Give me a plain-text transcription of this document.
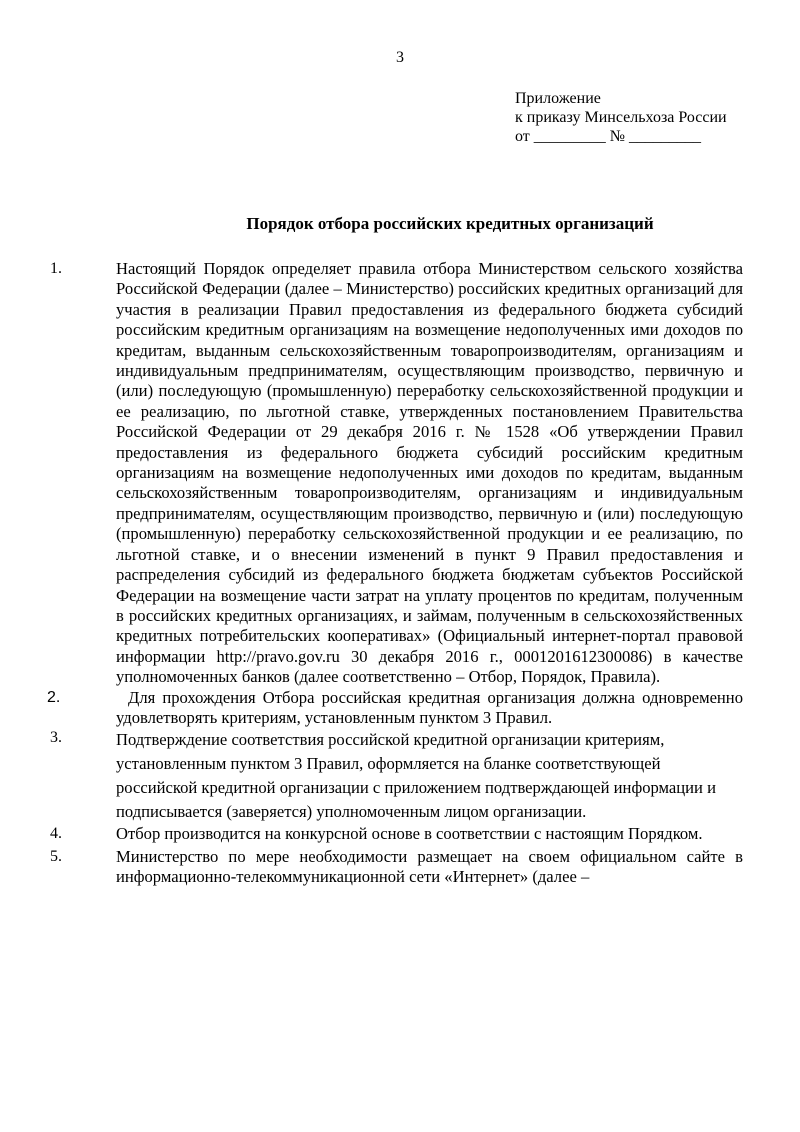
3
Приложение
к приказу Минсельхоза России
от _________ № _________
Порядок отбора российских кредитных организаций
1.	Настоящий Порядок определяет правила отбора Министерством сельского хозяйства Российской Федерации (далее – Министерство) российских кредитных организаций для участия в реализации Правил предоставления из федерального бюджета субсидий российским кредитным организациям на возмещение недополученных ими доходов по кредитам, выданным сельскохозяйственным товаропроизводителям, организациям и индивидуальным предпринимателям, осуществляющим производство, первичную и (или) последующую (промышленную) переработку сельскохозяйственной продукции и ее реализацию, по льготной ставке, утвержденных постановлением Правительства Российской Федерации от 29 декабря 2016 г. № 1528 «Об утверждении Правил предоставления из федерального бюджета субсидий российским кредитным организациям на возмещение недополученных ими доходов по кредитам, выданным сельскохозяйственным товаропроизводителям, организациям и индивидуальным предпринимателям, осуществляющим производство, первичную и (или) последующую (промышленную) переработку сельскохозяйственной продукции и ее реализацию, по льготной ставке, и о внесении изменений в пункт 9 Правил предоставления и распределения субсидий из федерального бюджета бюджетам субъектов Российской Федерации на возмещение части затрат на уплату процентов по кредитам, полученным в российских кредитных организациях, и займам, полученным в сельскохозяйственных кредитных потребительских кооперативах» (Официальный интернет-портал правовой информации http://pravo.gov.ru 30 декабря 2016 г., 0001201612300086) в качестве уполномоченных банков (далее соответственно – Отбор, Порядок, Правила).
2.	Для прохождения Отбора российская кредитная организация должна одновременно удовлетворять критериям, установленным пунктом 3 Правил.
3.	Подтверждение соответствия российской кредитной организации критериям, установленным пунктом 3 Правил, оформляется на бланке соответствующей российской кредитной организации с приложением подтверждающей информации и подписывается (заверяется) уполномоченным лицом организации.
4.	Отбор производится на конкурсной основе в соответствии с настоящим Порядком.
5.	Министерство по мере необходимости размещает на своем официальном сайте в информационно-телекоммуникационной сети «Интернет» (далее –
